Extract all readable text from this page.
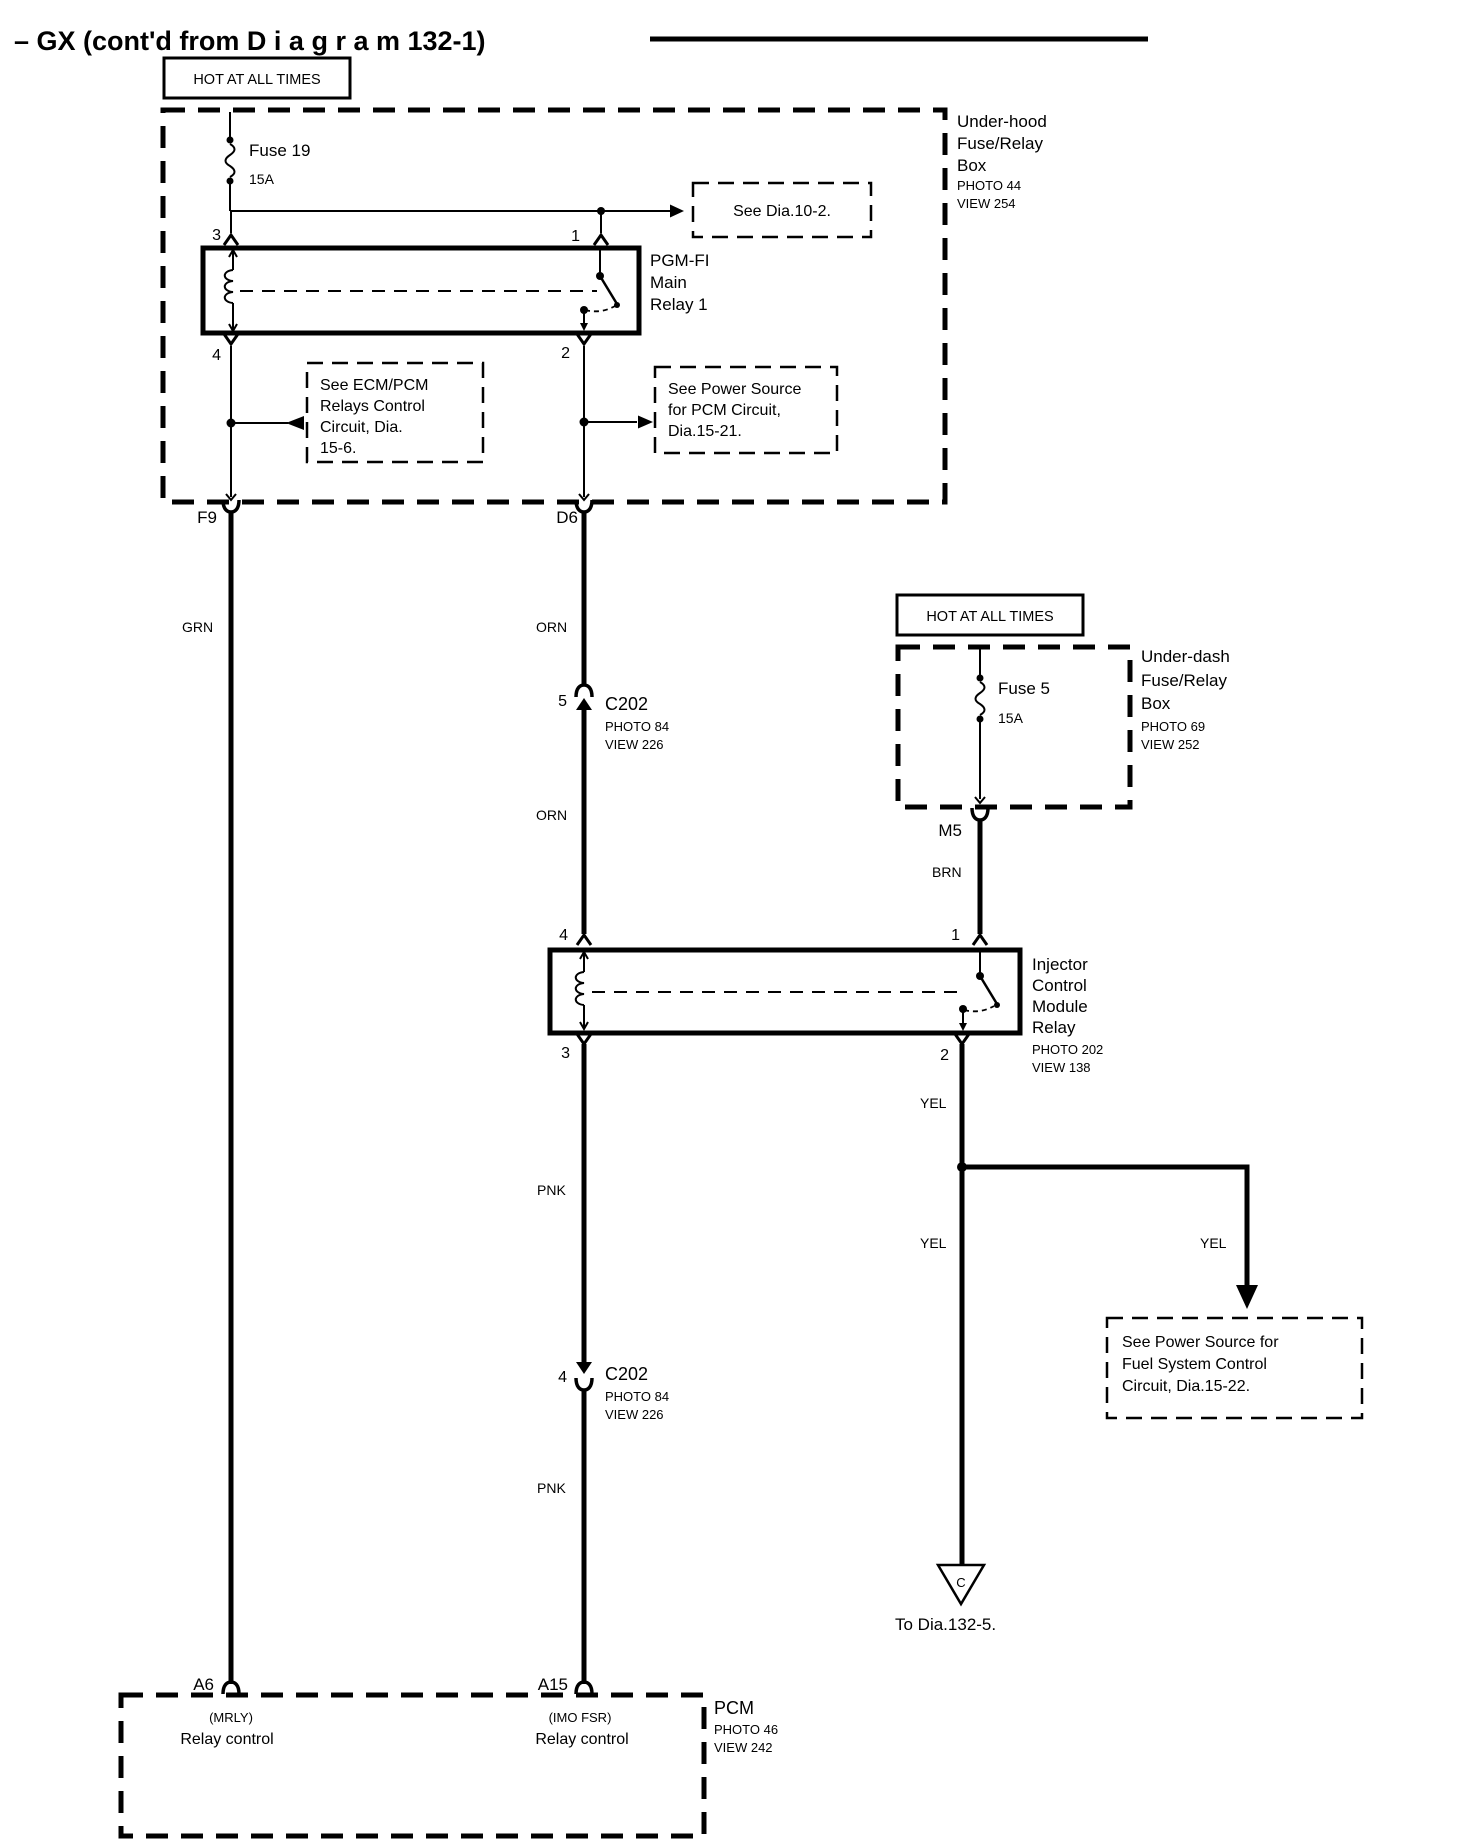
– GX (cont'd from D i a g r a m 132-1)
HOT AT ALL TIMES
Under-hood
Fuse/Relay
Box
PHOTO 44
VIEW 254
Fuse 19
15A
See Dia.10-2.
1
3
PGM-FI
Main
Relay 1
4	2
See ECM/PCM
Relays Control
Circuit, Dia.
15-6.
See Power Source
for PCM Circuit,
Dia.15-21.
F9	D6
GRN	ORN
5 C202
PHOTO 84
VIEW 226
ORN
HOT AT ALL TIMES
Under-dash
Fuse/Relay
Box
PHOTO 69
VIEW 252
Fuse 5
15A
M5
BRN
4	1
Injector
Control
Module
Relay
PHOTO 202
VIEW 138
3	2
YEL
YEL	YEL
See Power Source for
Fuel System Control
Circuit, Dia.15-22.
C
To Dia.132-5.
PNK
4 C202
PHOTO 84
VIEW 226
PNK
A6	A15
(MRLY)
Relay control
(IMO FSR)
Relay control
PCM
PHOTO 46
VIEW 242
